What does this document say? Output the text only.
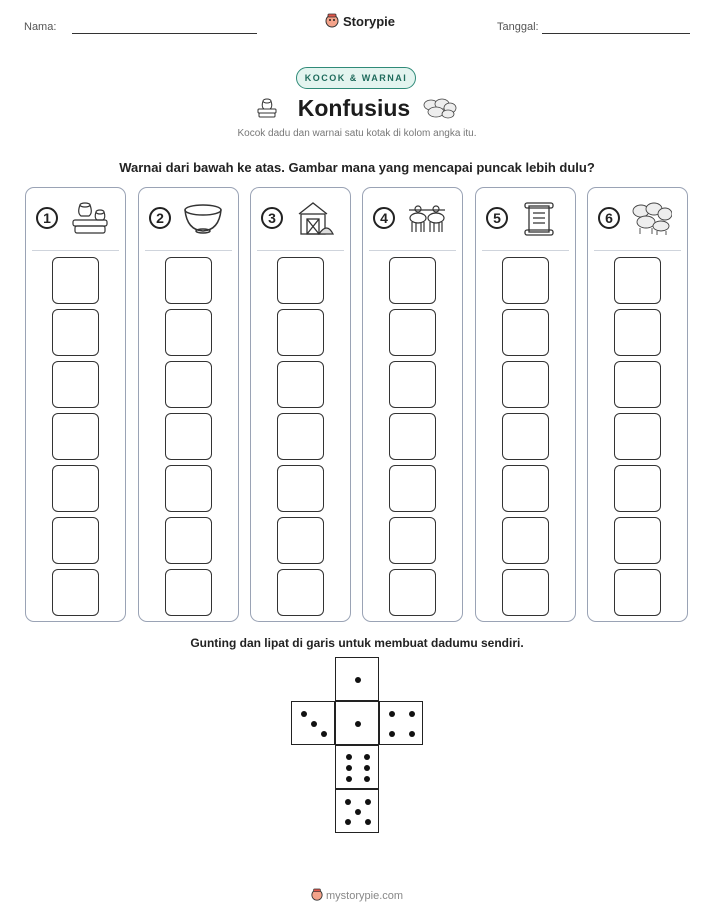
Nama:	Storypie	Tanggal:
KOCOK & WARNAI
Konfusius
Kocok dadu dan warnai satu kotak di kolom angka itu.
Warnai dari bawah ke atas. Gambar mana yang mencapai puncak lebih dulu?
1	2	3	4	5	6
Gunting dan lipat di garis untuk membuat dadumu sendiri.
mystorypie.com
